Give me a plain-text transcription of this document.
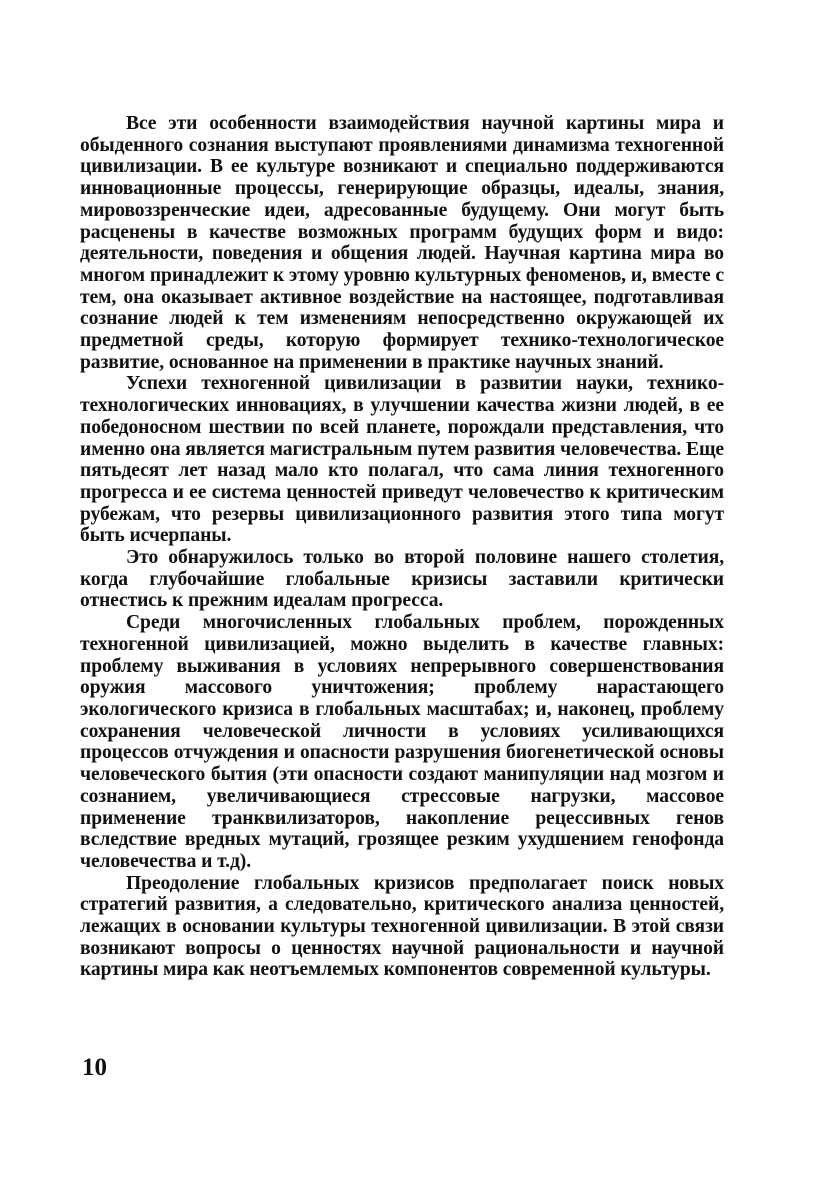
Все эти особенности взаимодействия научной картины мира и обыденного сознания выступают проявлениями динамизма техногенной цивилизации. В ее культуре возникают и специально поддерживаются инновационные процессы, генерирующие образцы, идеалы, знания, мировоззренческие идеи, адресованные будущему. Они могут быть расценены в качестве возможных программ будущих форм и видо: деятельности, поведения и общения людей. Научная картина мира во многом принадлежит к этому уровню культурных феноменов, и, вместе с тем, она оказывает активное воздействие на настоящее, подготавливая сознание людей к тем изменениям непосредственно окружающей их предметной среды, которую формирует технико-технологическое развитие, основанное на применении в практике научных знаний.

Успехи техногенной цивилизации в развитии науки, технико-технологических инновациях, в улучшении качества жизни людей, в ее победоносном шествии по всей планете, порождали представления, что именно она является магистральным путем развития человечества. Еще пятьдесят лет назад мало кто полагал, что сама линия техногенного прогресса и ее система ценностей приведут человечество к критическим рубежам, что резервы цивилизационного развития этого типа могут быть исчерпаны.

Это обнаружилось только во второй половине нашего столетия, когда глубочайшие глобальные кризисы заставили критически отнестись к прежним идеалам прогресса.

Среди многочисленных глобальных проблем, порожденных техногенной цивилизацией, можно выделить в качестве главных: проблему выживания в условиях непрерывного совершенствования оружия массового уничтожения; проблему нарастающего экологического кризиса в глобальных масштабах; и, наконец, проблему сохранения человеческой личности в условиях усиливающихся процессов отчуждения и опасности разрушения биогенетической основы человеческого бытия (эти опасности создают манипуляции над мозгом и сознанием, увеличивающиеся стрессовые нагрузки, массовое применение транквилизаторов, накопление рецессивных генов вследствие вредных мутаций, грозящее резким ухудшением генофонда человечества и т.д).

Преодоление глобальных кризисов предполагает поиск новых стратегий развития, а следовательно, критического анализа ценностей, лежащих в основании культуры техногенной цивилизации. В этой связи возникают вопросы о ценностях научной рациональности и научной картины мира как неотъемлемых компонентов современной культуры.

10
